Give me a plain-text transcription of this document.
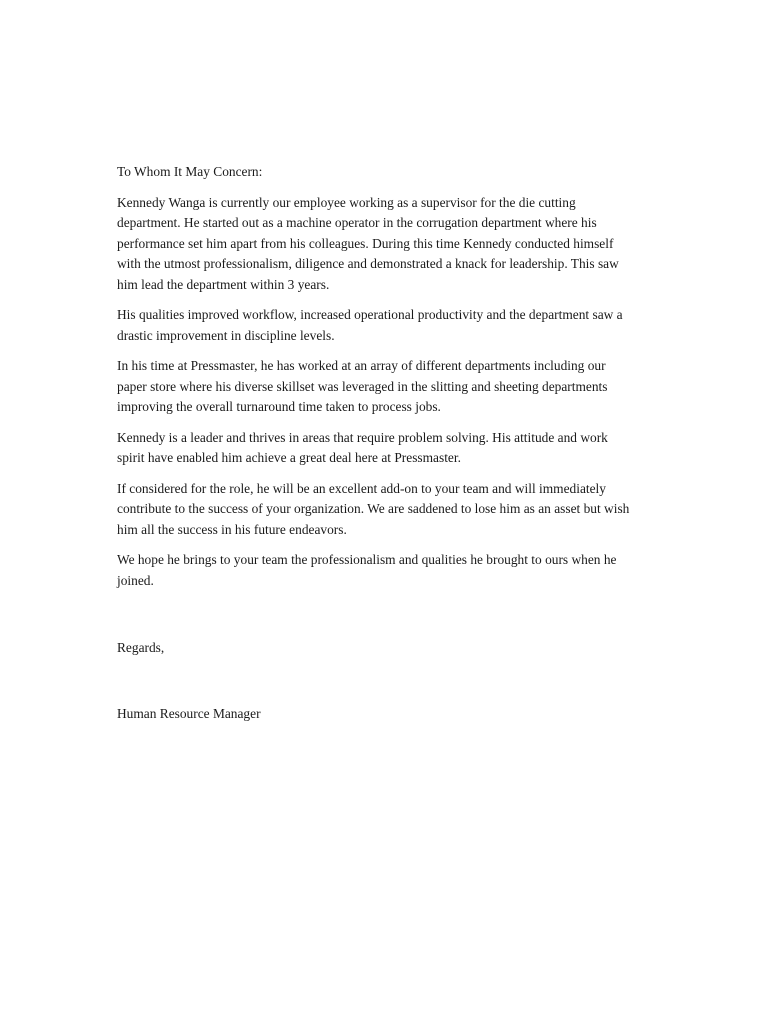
To Whom It May Concern:

Kennedy Wanga is currently our employee working as a supervisor for the die cutting
department. He started out as a machine operator in the corrugation department where his
performance set him apart from his colleagues. During this time Kennedy conducted himself
with the utmost professionalism, diligence and demonstrated a knack for leadership. This saw
him lead the department within 3 years.

His qualities improved workflow, increased operational productivity and the department saw a
drastic improvement in discipline levels.

In his time at Pressmaster, he has worked at an array of different departments including our
paper store where his diverse skillset was leveraged in the slitting and sheeting departments
improving the overall turnaround time taken to process jobs.

Kennedy is a leader and thrives in areas that require problem solving. His attitude and work
spirit have enabled him achieve a great deal here at Pressmaster.

If considered for the role, he will be an excellent add-on to your team and will immediately
contribute to the success of your organization. We are saddened to lose him as an asset but wish
him all the success in his future endeavors.

We hope he brings to your team the professionalism and qualities he brought to ours when he
joined.

Regards,

Human Resource Manager
